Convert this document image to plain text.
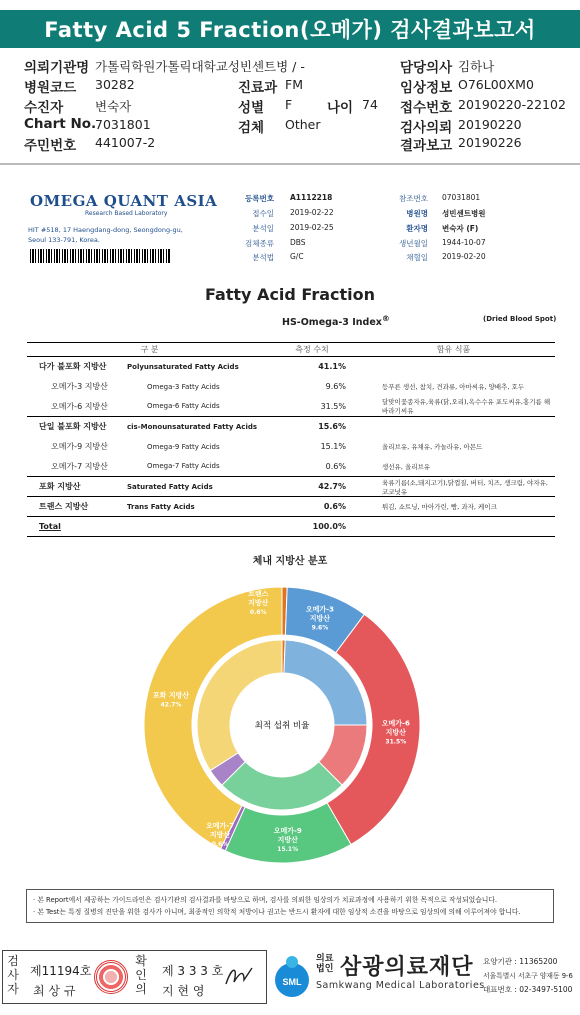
Fatty Acid 5 Fraction(오메가) 검사결과보고서
의뢰기관명 가톨릭학원가톨릭대학교성빈센트병 / -
병원코드 30282
수진자	변숙자
Chart No.
7031801
주민번호 441007-2
진료과 FM
성별 F	나이 74
검체 Other
담당의사 김하나
임상정보 O76L00XM0
접수번호 20190220-22102
검사의뢰 20190220
결과보고 20190226
OMEGA QUANT ASIA
Research Based Laboratory
HIT #518, 17 Haengdang-dong, Seongdong-gu, Seoul 133-791, Korea.
등록번호 A1112218
접수일 2019-02-22
분석일 2019-02-25
검체종류 DBS
분석법 G/C
참조번호 07031801
병원명 성빈센트병원
환자명 변숙자 (F)
생년월일 1944-10-07
채혈일 2019-02-20
Fatty Acid Fraction
HS-Omega-3 Index®	(Dried Blood Spot)
구 분		측정 수치	함유 식품
다가 불포화 지방산	Polyunsaturated Fatty Acids	41.1%	
오메가-3 지방산	Omega-3 Fatty Acids	9.6%	등푸른 생선, 참치, 견과류, 아마씨유, 양배추, 호두
오메가-6 지방산	Omega-6 Fatty Acids	31.5%	달맞이꽃종자유,육류(닭,오리),옥수수유 포도씨유,홍기름 해바라기씨유
단일 불포화 지방산	cis-Monounsaturated Fatty Acids	15.6%	
오메가-9 지방산	Omega-9 Fatty Acids	15.1%	올리브유, 유채유, 카놀라유, 아몬드
오메가-7 지방산	Omega-7 Fatty Acids	0.6%	생선유, 올리브유
포화 지방산	Saturated Fatty Acids	42.7%	육류기름(소,돼지고기),닭껍질, 버터, 치즈, 생크림, 야자유, 코코넛유
트랜스 지방산	Trans Fatty Acids	0.6%	튀김, 쇼트닝, 마아가린, 빵, 과자, 케이크
Total		100.0%	
체내 지방산 분포
최적 섭취 비율
트랜스 지방산 0.6%	오메가-3 지방산 9.6%
오메가-6 지방산 31.5%
오메가-9 지방산 15.1%
오메가-7 지방산 0.6%
포화 지방산 42.7%
· 본 Report에서 제공하는 가이드라인은 검사기관의 검사결과를 바탕으로 하며, 검사를 의뢰한 임상의가 치료과정에 사용하기 위한 목적으로 작성되었습니다.
· 본 Test는 특정 질병의 진단을 위한 검사가 아니며, 최종적인 의학적 처방이나 권고는 반드시 환자에 대한 임상적 소견을 바탕으로 임상의에 의해 이루어져야 합니다.
검사자
제11194호
최 상 규
확인의
제 3 3 3 호
지 현 영
SML
의료
법인 삼광의료재단
Samkwang Medical Laboratories
요양기관 : 11365200
서울특별시 서초구 양재동 9-6
대표번호 : 02-3497-5100
